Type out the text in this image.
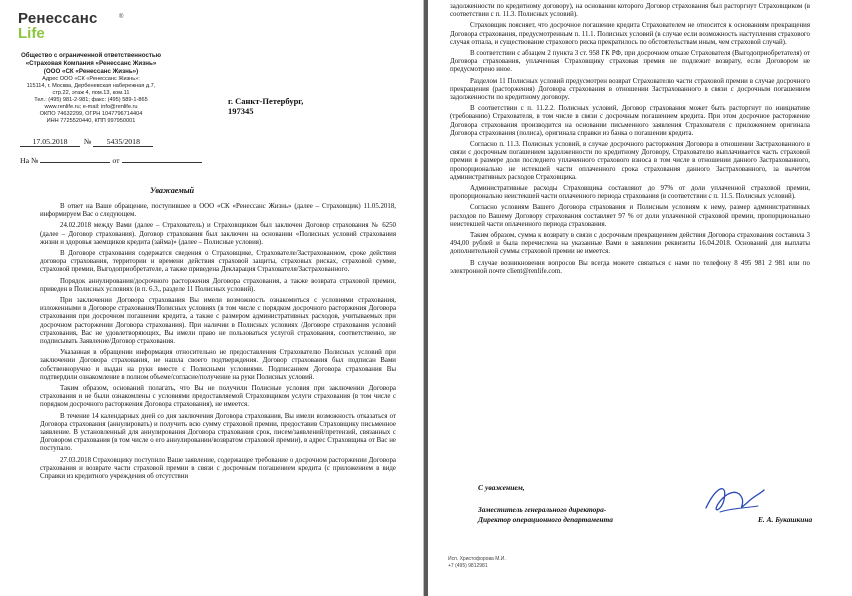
Ренессанс
Life
®
Общество с ограниченной ответственностью
«Страховая Компания «Ренессанс Жизнь»
(ООО «СК «Ренессанс Жизнь»)
Адрес ООО «СК «Ренессанс Жизнь»:
115114, г. Москва, Дербеневская набережная д.7,
стр.22, этаж 4, пом.13, ком.11
Тел.: (495) 981-2-981; факс: (495) 589-1-865
www.renlife.ru; e-mail: info@renlife.ru
ОКПО 74632299, ОГРН 1047796714404
ИНН 7725520440, КПП 997950001
г. Санкт-Петербург,
197345
17.05.2018 № 5435/2018
На №	от
Уважаемый

В ответ на Ваше обращение, поступившее в ООО «СК «Ренессанс Жизнь» (далее – Страховщик) 11.05.2018, информируем Вас о следующем.

24.02.2018 между Вами (далее – Страхователь) и Страховщиком был заключен Договор страхования № 6250 (далее – Договор страхования). Договор страхования был заключен на основании «Полисных условий страхования жизни и здоровья заемщиков кредита (займа)» (далее – Полисные условия).

В Договоре страхования содержатся сведения о Страховщике, Страхователе/Застрахованном, сроке действия договора страхования, территории и времени действия страховой защиты, страховых рисках, страховой сумме, страховой премии, Выгодоприобретателе, а также приведена Декларация Страхователя/Застрахованного.

Порядок аннулирования/досрочного расторжения Договора страхования, а также возврата страховой премии, приведен в Полисных условиях (в п. 6.3., разделе 11 Полисных условий).

При заключении Договора страхования Вы имели возможность ознакомиться с условиями страхования, изложенными в Договоре страхования/Полисных условиях (в том числе с порядком досрочного расторжения Договора страхования при досрочном погашении кредита, а также с размером административных расходов, учитываемых при досрочном расторжении Договора страхования). При наличии в Полисных условиях /Договоре страхования условий страхования, Вас не удовлетворяющих, Вы имели право не пользоваться услугой страхования, соответственно, не подписывать Заявление/Договор страхования.

Указанная в обращении информация относительно не предоставления Страхователю Полисных условий при заключении Договора страхования, не нашла своего подтверждения. Договор страхования был подписан Вами собственноручно и выдан на руки вместе с Полисными условиями. Подписанием Договора страхования Вы подтвердили ознакомление в полном объеме/согласие/получение на руки Полисных условий.

Таким образом, оснований полагать, что Вы не получили Полисные условия при заключении Договора страхования и не были ознакомлены с условиями предоставляемой Страховщиком услуги страхования (в том числе с порядком досрочного расторжения Договора страхования), не имеется.

В течение 14 календарных дней со дня заключения Договора страхования, Вы имели возможность отказаться от Договора страхования (аннулировать) и получить всю сумму страховой премии, предоставив Страховщику письменное заявление. В установленный для аннулирования Договора страхования срок, писем/заявлений/претензий, связанных с Договором страхования (в том числе о его аннулировании/возвратом страховой премии), в адрес Страховщика от Вас не поступало.

27.03.2018 Страховщику поступило Ваше заявление, содержащее требование о досрочном расторжении Договора страхования и возврате части страховой премии в связи с досрочным погашением кредита (с приложением в виде Справки из кредитного учреждения об отсутствии

задолженности по кредитному договору), на основании которого Договор страхования был расторгнут Страховщиком (в соответствии с п. 11.3. Полисных условий).

Страховщик поясняет, что досрочное погашение кредита Страхователем не относится к основаниям прекращения Договора страхования, предусмотренным п. 11.1. Полисных условий (в случае если возможность наступления страхового случая отпала, и существование страхового риска прекратилось по обстоятельствам иным, чем страховой случай).

В соответствии с абзацем 2 пункта 3 ст. 958 ГК РФ, при досрочном отказе Страхователя (Выгодоприобретателя) от Договора страхования, уплаченная Страховщику страховая премия не подлежит возврату, если Договором не предусмотрено иное.

Разделом 11 Полисных условий предусмотрен возврат Страхователю части страховой премии в случае досрочного прекращения (расторжения) Договора страхования в отношении Застрахованного в связи с досрочным погашением задолженности по кредитному договору.

В соответствии с п. 11.2.2. Полисных условий, Договор страхования может быть расторгнут по инициативе (требованию) Страхователя, в том числе в связи с досрочным погашением кредита. При этом досрочное расторжение Договора страхования производится на основании письменного заявления Страхователя с приложением оригинала Договора страхования (полиса), оригинала справки из банка о погашении кредита.

Согласно п. 11.3. Полисных условий, в случае досрочного расторжения Договора в отношении Застрахованного в связи с досрочным погашением задолженности по кредитному Договору, Страхователю выплачивается часть страховой премии в размере доли последнего уплаченного страхового взноса в том числе в отношении данного Застрахованного, пропорционально не истекшей части оплаченного срока страхования данного Застрахованного, за вычетом административных расходов Страховщика.

Административные расходы Страховщика составляют до 97% от доли уплаченной страховой премии, пропорционально неистекшей части оплаченного периода страхования (в соответствии с п. 11.5. Полисных условий).

Согласно условиям Вашего Договора страхования и Полисным условиям к нему, размер административных расходов по Вашему Договору страхования составляет 97 % от доли уплаченной страховой премии, пропорционально неистекшей части оплаченного периода страхования.

Таким образом, сумма к возврату в связи с досрочным прекращением действия Договора страхования составила 3 494,00 рублей и была перечислена на указанные Вами в заявлении реквизиты 16.04.2018. Оснований для выплаты дополнительной суммы страховой премии не имеется.

В случае возникновения вопросов Вы всегда можете связаться с нами по телефону 8 495 981 2 981 или по электронной почте client@renlife.com.

С уважением,
Заместитель генерального директора-
Директор операционного департамента	Е. А. Букашкина
Исп. Христофорова М.И.
+7 (495) 9812981
